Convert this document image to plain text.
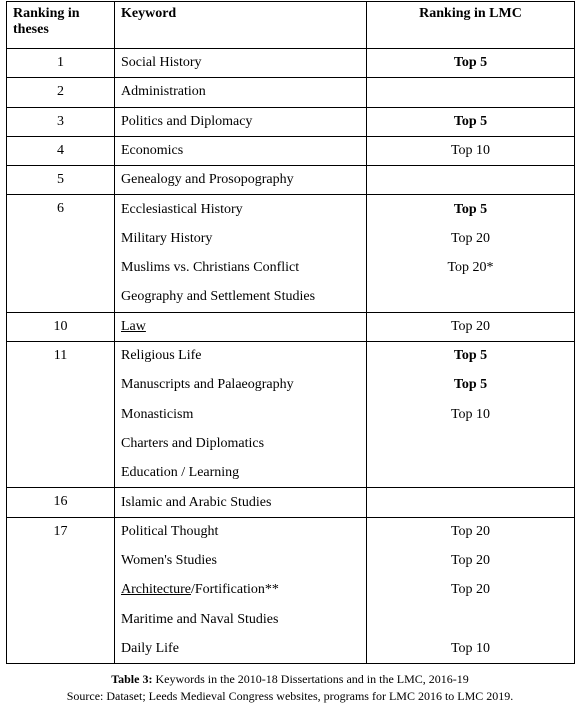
Ranking in theses	Keyword	Ranking in LMC
1	Social History	Top 5
2	Administration	
3	Politics and Diplomacy	Top 5
4	Economics	Top 10
5	Genealogy and Prosopography	
6	Ecclesiastical History	Top 5
	Military History	Top 20
	Muslims vs. Christians Conflict	Top 20*
	Geography and Settlement Studies	
10	Law	Top 20
11	Religious Life	Top 5
	Manuscripts and Palaeography	Top 5
	Monasticism	Top 10
	Charters and Diplomatics	
	Education / Learning	
16	Islamic and Arabic Studies	
17	Political Thought	Top 20
	Women's Studies	Top 20
	Architecture/Fortification**	Top 20
	Maritime and Naval Studies	
	Daily Life	Top 10
Table 3: Keywords in the 2010-18 Dissertations and in the LMC, 2016-19
Source: Dataset; Leeds Medieval Congress websites, programs for LMC 2016 to LMC 2019.
